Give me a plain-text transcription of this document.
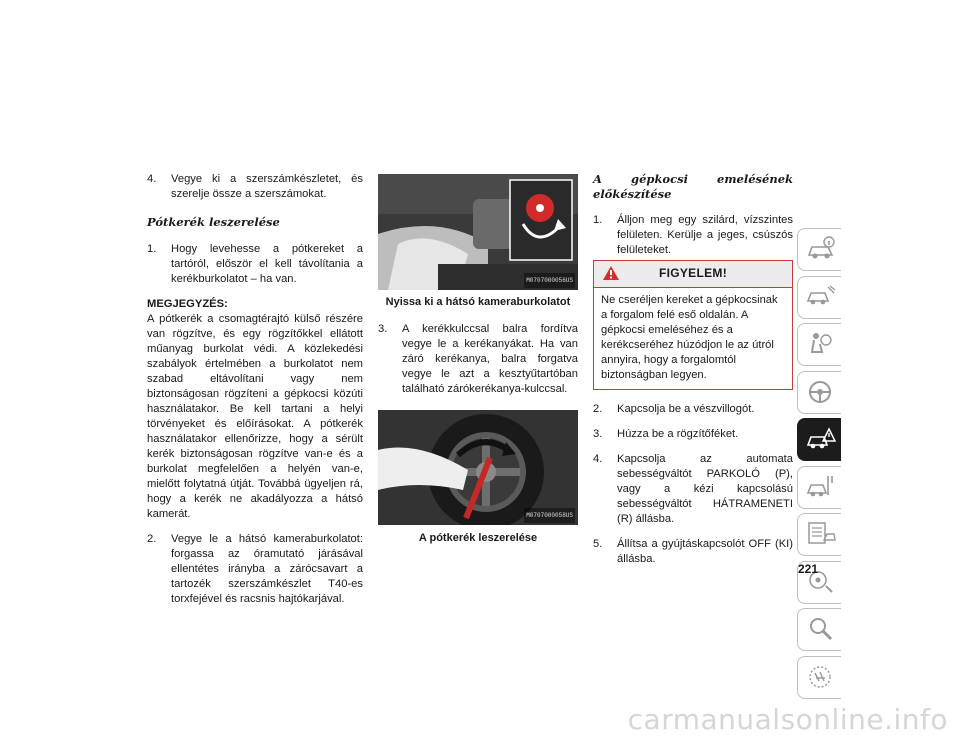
4. Vegye ki a szerszámkészletet, és szerelje össze a szerszámokat.

Pótkerék leszerelése
1. Hogy levehesse a pótkereket a tartóról, először el kell távolítania a kerékburkolatot – ha van.

MEGJEGYZÉS:

A pótkerék a csomagtérajtó külső részére van rögzítve, és egy rögzítőkkel ellátott műanyag burkolat védi. A közlekedési szabályok értelmében a burkolatot nem szabad eltávolítani vagy nem biztonságosan rögzíteni a gépkocsi közúti használatakor. Be kell tartani a helyi törvényeket és előírásokat. A pótkerék használatakor ellenőrizze, hogy a sérült kerék biztonságosan rögzítve van-e és a burkolat megfelelően a helyén van-e, mielőtt folytatná útját. Továbbá ügyeljen rá, hogy a kerék ne akadályozza a hátsó kamerát.

2. Vegye le a hátsó kameraburkolatot: forgassa az óramutató járásával ellentétes irányba a zárócsavart a tartozék szerszámkészlet T40-es torxfejével és racsnis hajtókarjával.

M0707000056US

Nyissa ki a hátsó kameraburkolatot

3. A kerékkulccsal balra fordítva vegye le a kerékanyákat. Ha van záró kerékanya, balra forgatva vegye le azt a kesztyűtartóban található zárókerékanya-kulccsal.

M0707000058US

A pótkerék leszerelése

A gépkocsi emelésének előkészítése
1. Álljon meg egy szilárd, vízszintes felületen. Kerülje a jeges, csúszós felületeket.

FIGYELEM!

Ne cseréljen kereket a gépkocsinak a forgalom felé eső oldalán. A gépkocsi emeléséhez és a kerékcseréhez húzódjon le az útról annyira, hogy a forgalomtól biztonságban legyen.

2. Kapcsolja be a vészvillogót.

3. Húzza be a rögzítőféket.

4. Kapcsolja az automata sebességváltót PARKOLÓ (P), vagy a kézi kapcsolású sebességváltót HÁTRAMENETI (R) állásba.

5. Állítsa a gyújtáskapcsolót OFF (KI) állásba.

221
carmanualsonline.info
